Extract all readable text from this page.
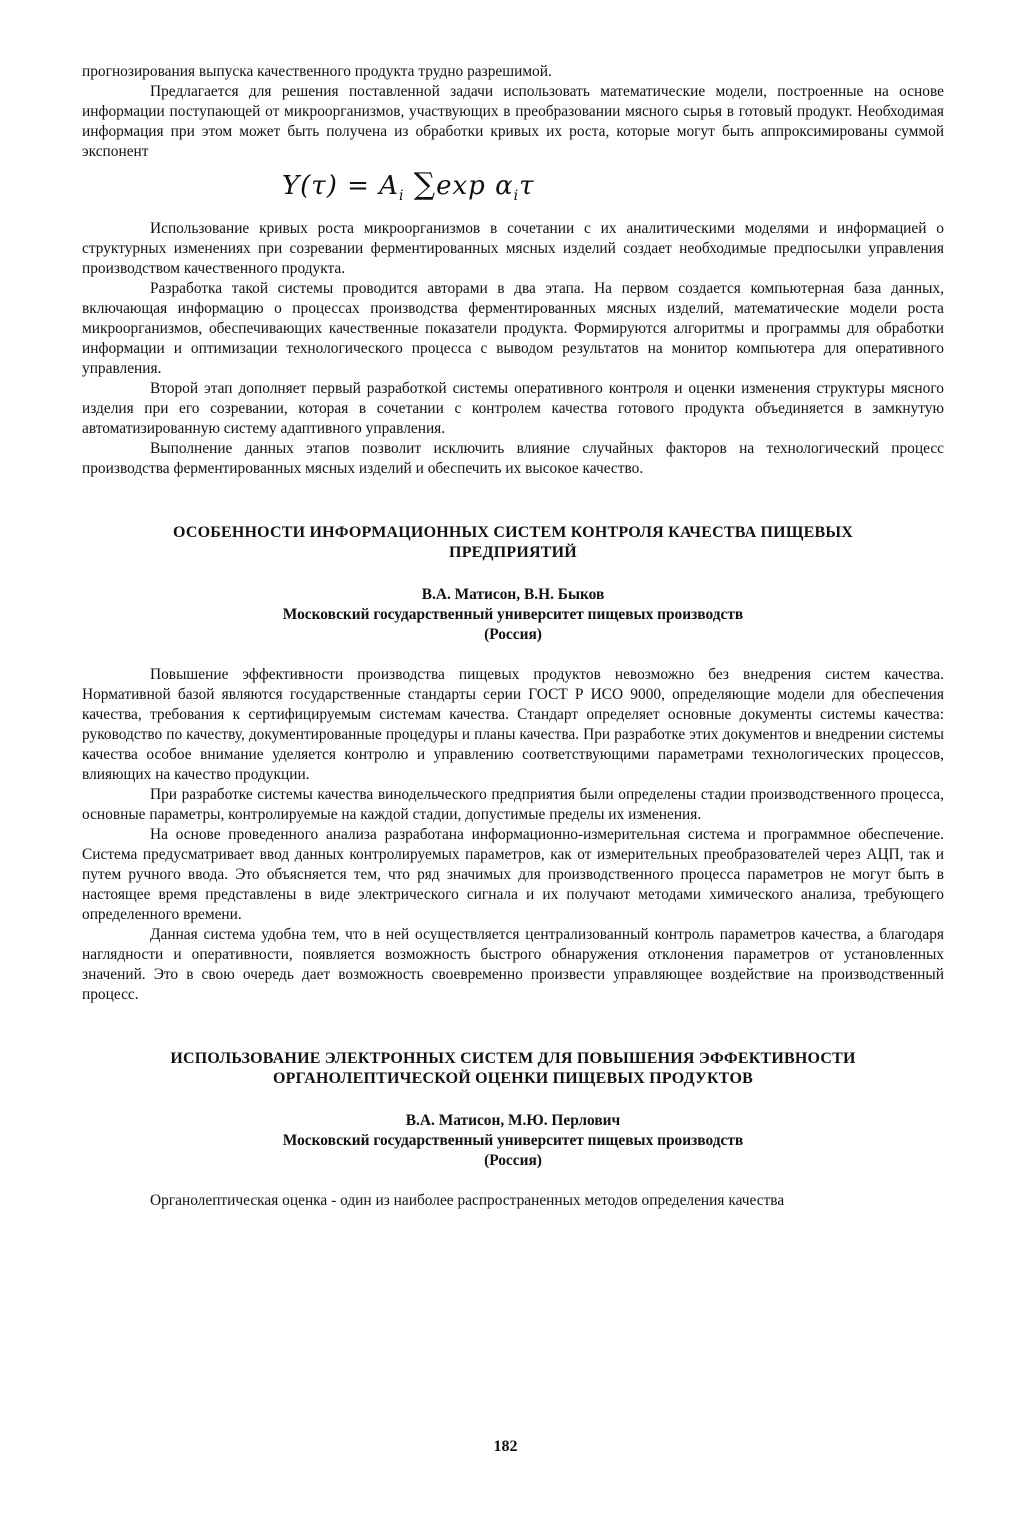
прогнозирования выпуска качественного продукта трудно разрешимой.

Предлагается для решения поставленной задачи использовать математические модели, построенные на основе информации поступающей от микроорганизмов, участвующих в преобразовании мясного сырья в готовый продукт. Необходимая информация при этом может быть получена из обработки кривых их роста, которые могут быть аппроксимированы суммой экспонент

$Y(\tau) = A_i$ ∑exp $\alpha_i\tau$

Использование кривых роста микроорганизмов в сочетании с их аналитическими моделями и информацией о структурных изменениях при созревании ферментированных мясных изделий создает необходимые предпосылки управления производством качественного продукта.

Разработка такой системы проводится авторами в два этапа. На первом создается компьютерная база данных, включающая информацию о процессах производства ферментированных мясных изделий, математические модели роста микроорганизмов, обеспечивающих качественные показатели продукта. Формируются алгоритмы и программы для обработки информации и оптимизации технологического процесса с выводом результатов на монитор компьютера для оперативного управления.

Второй этап дополняет первый разработкой системы оперативного контроля и оценки изменения структуры мясного изделия при его созревании, которая в сочетании с контролем качества готового продукта объединяется в замкнутую автоматизированную систему адаптивного управления.

Выполнение данных этапов позволит исключить влияние случайных факторов на технологический процесс производства ферментированных мясных изделий и обеспечить их высокое качество.

ОСОБЕННОСТИ ИНФОРМАЦИОННЫХ СИСТЕМ КОНТРОЛЯ КАЧЕСТВА ПИЩЕВЫХ

ПРЕДПРИЯТИЙ

В.А. Матисон, В.Н. Быков

Московский государственный университет пищевых производств

(Россия)

Повышение эффективности производства пищевых продуктов невозможно без внедрения систем качества. Нормативной базой являются государственные стандарты серии ГОСТ Р ИСО 9000, определяющие модели для обеспечения качества, требования к сертифицируемым системам качества. Стандарт определяет основные документы системы качества: руководство по качеству, документированные процедуры и планы качества. При разработке этих документов и внедрении системы качества особое внимание уделяется контролю и управлению соответствующими параметрами технологических процессов, влияющих на качество продукции.

При разработке системы качества винодельческого предприятия были определены стадии производственного процесса, основные параметры, контролируемые на каждой стадии, допустимые пределы их изменения.

На основе проведенного анализа разработана информационно-измерительная система и программное обеспечение. Система предусматривает ввод данных контролируемых параметров, как от измерительных преобразователей через АЦП, так и путем ручного ввода. Это объясняется тем, что ряд значимых для производственного процесса параметров не могут быть в настоящее время представлены в виде электрического сигнала и их получают методами химического анализа, требующего определенного времени.

Данная система удобна тем, что в ней осуществляется централизованный контроль параметров качества, а благодаря наглядности и оперативности, появляется возможность быстрого обнаружения отклонения параметров от установленных значений. Это в свою очередь дает возможность своевременно произвести управляющее воздействие на производственный процесс.

ИСПОЛЬЗОВАНИЕ ЭЛЕКТРОННЫХ СИСТЕМ ДЛЯ ПОВЫШЕНИЯ ЭФФЕКТИВНОСТИ

ОРГАНОЛЕПТИЧЕСКОЙ ОЦЕНКИ ПИЩЕВЫХ ПРОДУКТОВ

В.А. Матисон, М.Ю. Перлович

Московский государственный университет пищевых производств

(Россия)

Органолептическая оценка - один из наиболее распространенных методов определения качества

182
